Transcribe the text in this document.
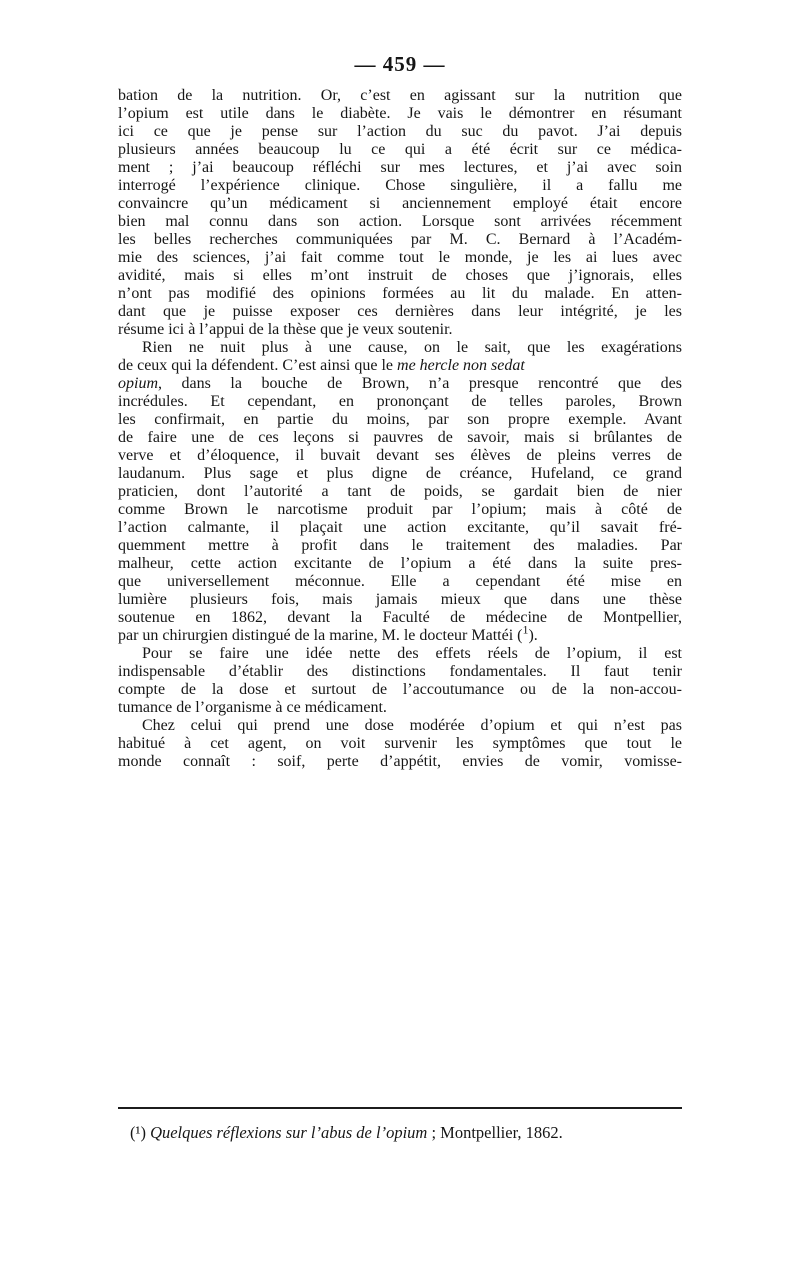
— 459 —
bation de la nutrition. Or, c’est en agissant sur la nutrition que
l’opium est utile dans le diabète. Je vais le démontrer en résumant
ici ce que je pense sur l’action du suc du pavot. J’ai depuis
plusieurs années beaucoup lu ce qui a été écrit sur ce médica-
ment ; j’ai beaucoup réfléchi sur mes lectures, et j’ai avec soin
interrogé l’expérience clinique. Chose singulière, il a fallu me
convaincre qu’un médicament si anciennement employé était encore
bien mal connu dans son action. Lorsque sont arrivées récemment
les belles recherches communiquées par M. C. Bernard à l’Académ-
mie des sciences, j’ai fait comme tout le monde, je les ai lues avec
avidité, mais si elles m’ont instruit de choses que j’ignorais, elles
n’ont pas modifié des opinions formées au lit du malade. En atten-
dant que je puisse exposer ces dernières dans leur intégrité, je les
résume ici à l’appui de la thèse que je veux soutenir.
Rien ne nuit plus à une cause, on le sait, que les exagérations
de ceux qui la défendent. C’est ainsi que le me hercle non sedat
opium, dans la bouche de Brown, n’a presque rencontré que des
incrédules. Et cependant, en prononçant de telles paroles, Brown
les confirmait, en partie du moins, par son propre exemple. Avant
de faire une de ces leçons si pauvres de savoir, mais si brûlantes de
verve et d’éloquence, il buvait devant ses élèves de pleins verres de
laudanum. Plus sage et plus digne de créance, Hufeland, ce grand
praticien, dont l’autorité a tant de poids, se gardait bien de nier
comme Brown le narcotisme produit par l’opium; mais à côté de
l’action calmante, il plaçait une action excitante, qu’il savait fré-
quemment mettre à profit dans le traitement des maladies. Par
malheur, cette action excitante de l’opium a été dans la suite pres-
que universellement méconnue. Elle a cependant été mise en
lumière plusieurs fois, mais jamais mieux que dans une thèse
soutenue en 1862, devant la Faculté de médecine de Montpellier,
par un chirurgien distingué de la marine, M. le docteur Mattéi ($^1$).
Pour se faire une idée nette des effets réels de l’opium, il est
indispensable d’établir des distinctions fondamentales. Il faut tenir
compte de la dose et surtout de l’accoutumance ou de la non-accou-
tumance de l’organisme à ce médicament.
Chez celui qui prend une dose modérée d’opium et qui n’est pas
habitué à cet agent, on voit survenir les symptômes que tout le
monde connaît : soif, perte d’appétit, envies de vomir, vomisse-
(¹) Quelques réflexions sur l’abus de l’opium ; Montpellier, 1862.
